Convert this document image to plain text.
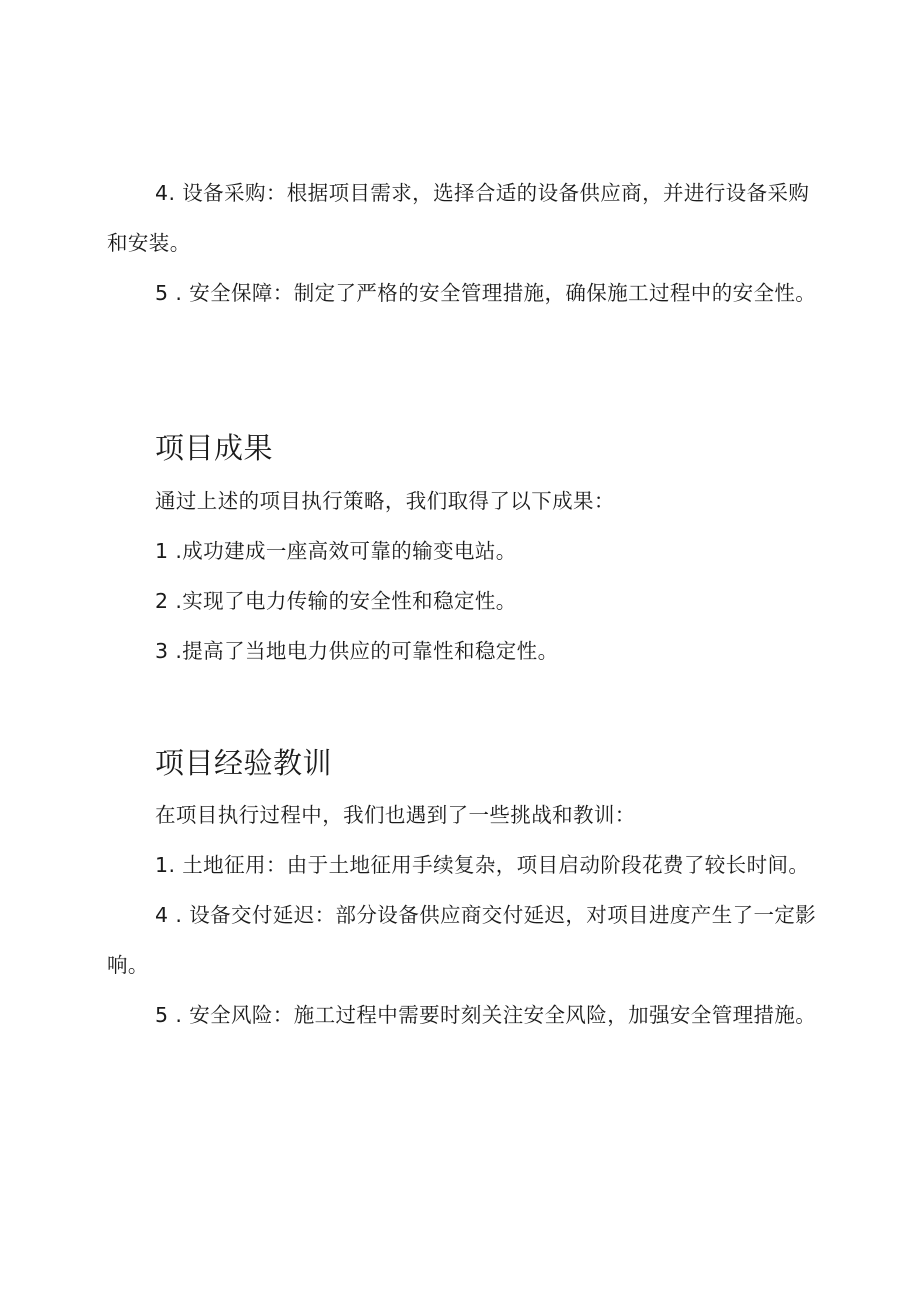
4. 设备采购：根据项目需求，选择合适的设备供应商，并进行设备采购和安装。

5 . 安全保障：制定了严格的安全管理措施，确保施工过程中的安全性。

项目成果

通过上述的项目执行策略，我们取得了以下成果：

1 .成功建成一座高效可靠的输变电站。

2 .实现了电力传输的安全性和稳定性。

3 .提高了当地电力供应的可靠性和稳定性。

项目经验教训

在项目执行过程中，我们也遇到了一些挑战和教训：

1. 土地征用：由于土地征用手续复杂，项目启动阶段花费了较长时间。

4 . 设备交付延迟：部分设备供应商交付延迟，对项目进度产生了一定影响。

5 . 安全风险：施工过程中需要时刻关注安全风险，加强安全管理措施。
